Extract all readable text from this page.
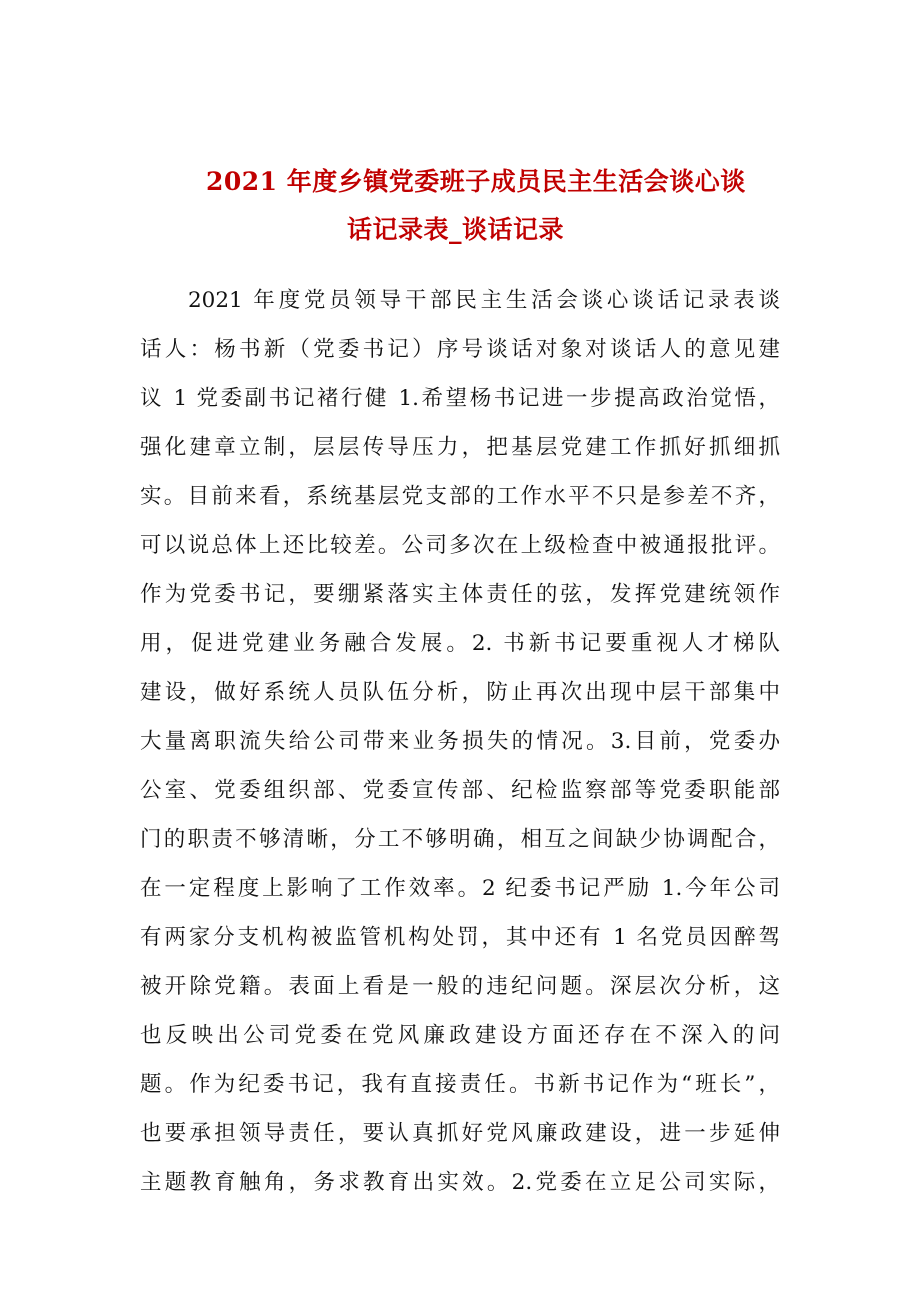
2021 年度乡镇党委班子成员民主生活会谈心谈
话记录表_谈话记录

2021 年度党员领导干部民主生活会谈心谈话记录表谈

话人：杨书新（党委书记）序号谈话对象对谈话人的意见建

议 1 党委副书记褚行健 1.希望杨书记进一步提高政治觉悟，

强化建章立制，层层传导压力，把基层党建工作抓好抓细抓

实。目前来看，系统基层党支部的工作水平不只是参差不齐，

可以说总体上还比较差。公司多次在上级检查中被通报批评。

作为党委书记，要绷紧落实主体责任的弦，发挥党建统领作

用，促进党建业务融合发展。2. 书新书记要重视人才梯队

建设，做好系统人员队伍分析，防止再次出现中层干部集中

大量离职流失给公司带来业务损失的情况。3.目前，党委办

公室、党委组织部、党委宣传部、纪检监察部等党委职能部

门的职责不够清晰，分工不够明确，相互之间缺少协调配合，

在一定程度上影响了工作效率。2 纪委书记严励 1.今年公司

有两家分支机构被监管机构处罚，其中还有 1 名党员因醉驾

被开除党籍。表面上看是一般的违纪问题。深层次分析，这

也反映出公司党委在党风廉政建设方面还存在不深入的问

题。作为纪委书记，我有直接责任。书新书记作为“班长”，

也要承担领导责任，要认真抓好党风廉政建设，进一步延伸

主题教育触角，务求教育出实效。2.党委在立足公司实际，
